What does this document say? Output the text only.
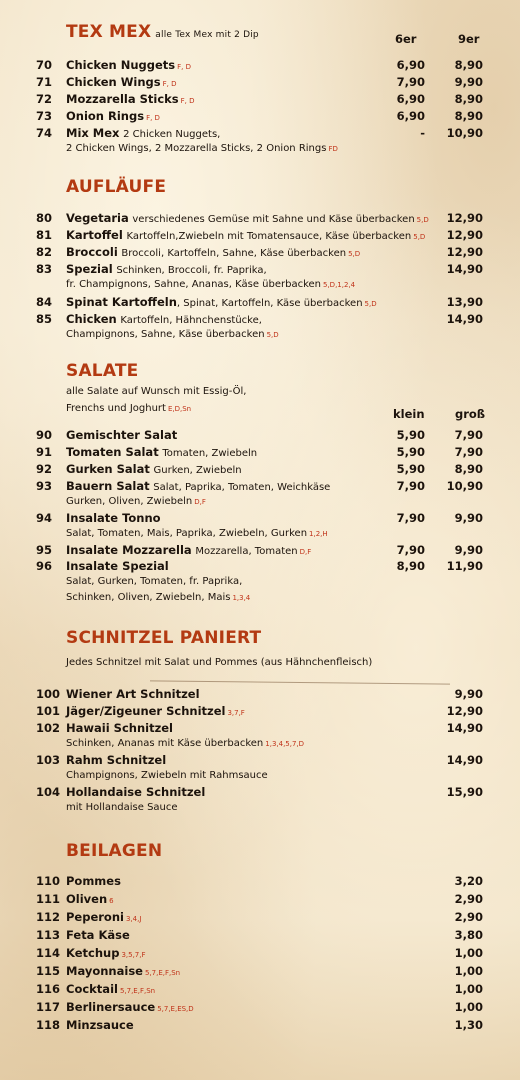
TEX MEX alle Tex Mex mit 2 Dip	6er	9er
70 Chicken Nuggets F, D	6,90	8,90
71 Chicken Wings F, D	7,90	9,90
72 Mozzarella Sticks F, D	6,90	8,90
73 Onion Rings F, D	6,90	8,90
74 Mix Mex 2 Chicken Nuggets,	- 10,90
2 Chicken Wings, 2 Mozzarella Sticks, 2 Onion Rings FD
AUFLÄUFE
80 Vegetaria verschiedenes Gemüse mit Sahne und Käse überbacken 5,D 12,90
81 Kartoffel Kartoffeln,Zwiebeln mit Tomatensauce, Käse überbacken 5,D 12,90
82 Broccoli Broccoli, Kartoffeln, Sahne, Käse überbacken 5,D	12,90
83 Spezial Schinken, Broccoli, fr. Paprika,	14,90
fr. Champignons, Sahne, Ananas, Käse überbacken 5,D,1,2,4
84 Spinat Kartoffeln, Spinat, Kartoffeln, Käse überbacken 5,D	13,90
85 Chicken Kartoffeln, Hähnchenstücke,	14,90
Champignons, Sahne, Käse überbacken 5,D
SALATE
alle Salate auf Wunsch mit Essig-Öl,
Frenchs und Joghurt E,D,Sn	klein	groß
90 Gemischter Salat	5,90	7,90
91 Tomaten Salat Tomaten, Zwiebeln	5,90	7,90
92 Gurken Salat Gurken, Zwiebeln	5,90	8,90
93 Bauern Salat Salat, Paprika, Tomaten, Weichkäse	7,90 10,90
Gurken, Oliven, Zwiebeln D,F
94 Insalate Tonno	7,90	9,90
Salat, Tomaten, Mais, Paprika, Zwiebeln, Gurken 1,2,H
95 Insalate Mozzarella Mozzarella, Tomaten D,F	7,90	9,90
96 Insalate Spezial	8,90 11,90
Salat, Gurken, Tomaten, fr. Paprika,
Schinken, Oliven, Zwiebeln, Mais 1,3,4
SCHNITZEL PANIERT
Jedes Schnitzel mit Salat und Pommes (aus Hähnchenfleisch)
100 Wiener Art Schnitzel	9,90
101 Jäger/Zigeuner Schnitzel 3,7,F	12,90
102 Hawaii Schnitzel	14,90
Schinken, Ananas mit Käse überbacken 1,3,4,5,7,D
103 Rahm Schnitzel	14,90
Champignons, Zwiebeln mit Rahmsauce
104 Hollandaise Schnitzel	15,90
mit Hollandaise Sauce
BEILAGEN
110 Pommes	3,20
111 Oliven 6	2,90
112 Peperoni 3,4,J	2,90
113 Feta Käse	3,80
114 Ketchup 3,5,7,F	1,00
115 Mayonnaise 5,7,E,F,Sn	1,00
116 Cocktail 5,7,E,F,Sn	1,00
117 Berlinersauce 5,7,E,ES,D	1,00
118 Minzsauce	1,30
